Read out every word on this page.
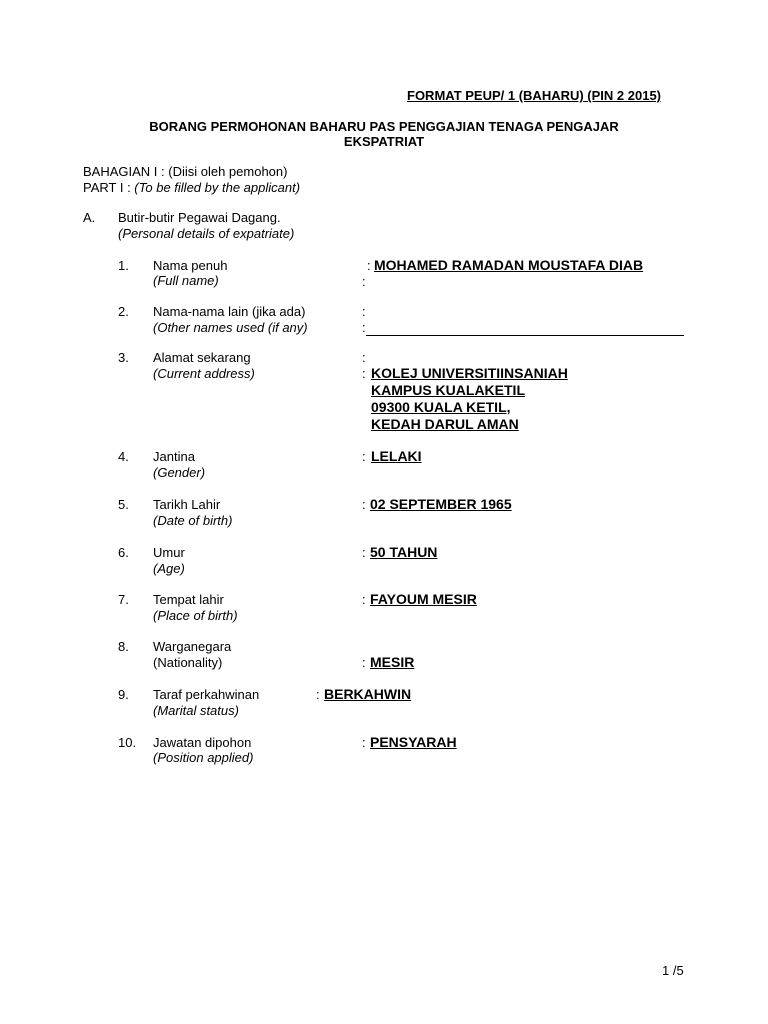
FORMAT PEUP/ 1 (BAHARU) (PIN 2 2015)
BORANG PERMOHONAN BAHARU PAS PENGGAJIAN TENAGA PENGAJAR
EKSPATRIAT
BAHAGIAN I : (Diisi oleh pemohon)
PART I : (To be filled by the applicant)
A. Butir-butir Pegawai Dagang.
(Personal details of expatriate)
1. Nama penuh
(Full name)
: MOHAMED RAMADAN MOUSTAFA DIAB
:
2. Nama-nama lain (jika ada)
(Other names used (if any)
:
:
3. Alamat sekarang
(Current address)
:
: KOLEJ UNIVERSITIINSANIAH
KAMPUS KUALAKETIL
09300 KUALA KETIL,
KEDAH DARUL AMAN
4. Jantina
(Gender)
: LELAKI
5. Tarikh Lahir
(Date of birth)
: 02 SEPTEMBER 1965
6. Umur
(Age)
: 50 TAHUN
7. Tempat lahir
(Place of birth)
: FAYOUM MESIR
8. Warganegara
(Nationality)	: MESIR
9. Taraf perkahwinan
(Marital status)
: BERKAHWIN
10. Jawatan dipohon
(Position applied)
: PENSYARAH
1 /5
